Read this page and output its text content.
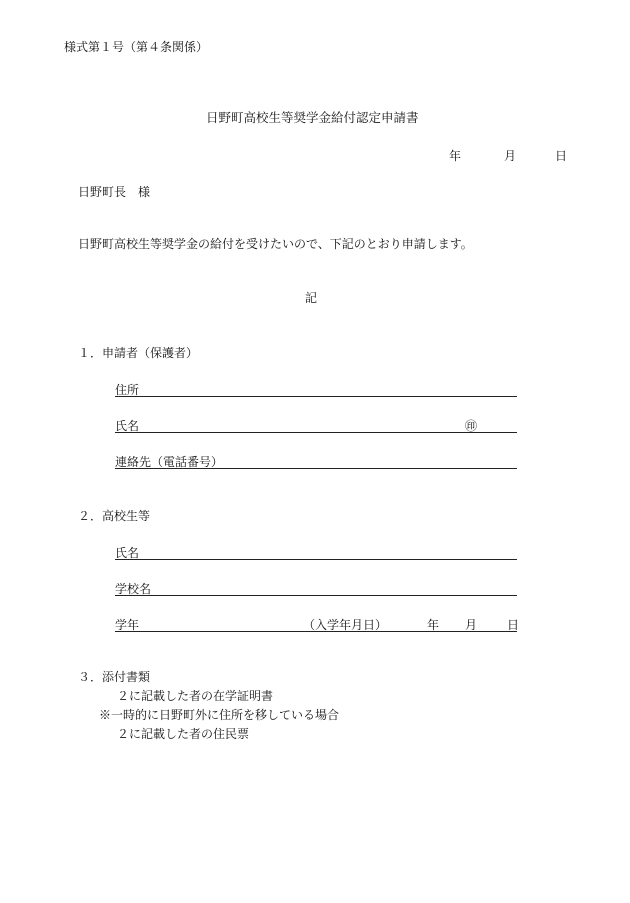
様式第１号（第４条関係）
日野町高校生等奨学金給付認定申請書
年	月	日
日野町長　様
日野町高校生等奨学金の給付を受けたいので、下記のとおり申請します。
記
１．申請者（保護者）
住所
氏名	㊞
連絡先（電話番号）
２．高校生等
氏名
学校名
学年	（入学年月日）	年 月 日
３．添付書類
２に記載した者の在学証明書
※一時的に日野町外に住所を移している場合
２に記載した者の住民票
